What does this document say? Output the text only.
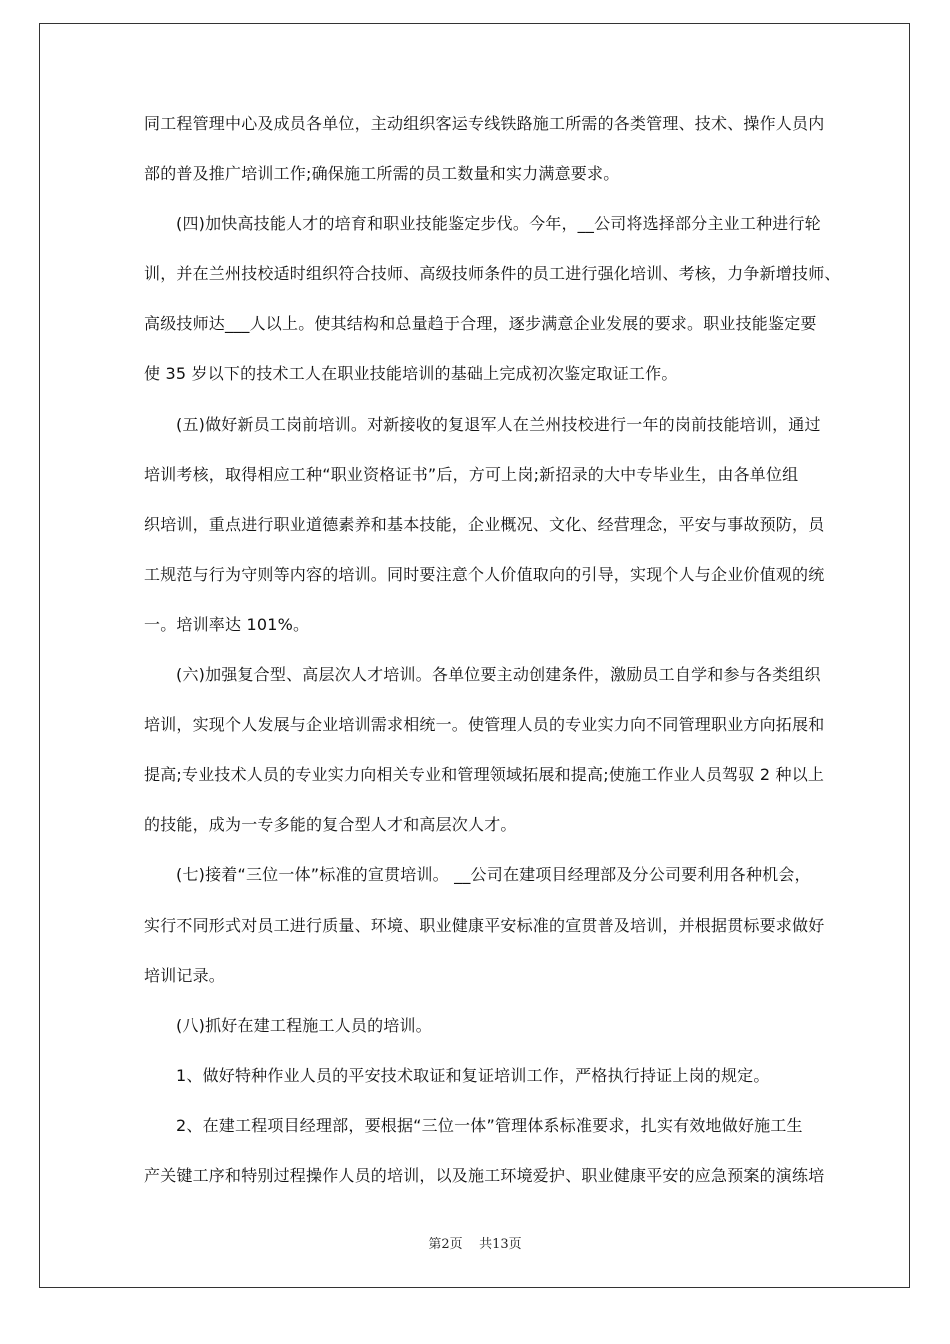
同工程管理中心及成员各单位，主动组织客运专线铁路施工所需的各类管理、技术、操作人员内
部的普及推广培训工作;确保施工所需的员工数量和实力满意要求。
(四)加快高技能人才的培育和职业技能鉴定步伐。今年，__公司将选择部分主业工种进行轮
训，并在兰州技校适时组织符合技师、高级技师条件的员工进行强化培训、考核，力争新增技师、
高级技师达___人以上。使其结构和总量趋于合理，逐步满意企业发展的要求。职业技能鉴定要
使 35 岁以下的技术工人在职业技能培训的基础上完成初次鉴定取证工作。
(五)做好新员工岗前培训。对新接收的复退军人在兰州技校进行一年的岗前技能培训，通过
培训考核，取得相应工种“职业资格证书”后，方可上岗;新招录的大中专毕业生，由各单位组
织培训，重点进行职业道德素养和基本技能，企业概况、文化、经营理念，平安与事故预防，员
工规范与行为守则等内容的培训。同时要注意个人价值取向的引导，实现个人与企业价值观的统
一。培训率达 101%。
(六)加强复合型、高层次人才培训。各单位要主动创建条件，激励员工自学和参与各类组织
培训，实现个人发展与企业培训需求相统一。使管理人员的专业实力向不同管理职业方向拓展和
提高;专业技术人员的专业实力向相关专业和管理领域拓展和提高;使施工作业人员驾驭 2 种以上
的技能，成为一专多能的复合型人才和高层次人才。
(七)接着“三位一体”标准的宣贯培训。 __公司在建项目经理部及分公司要利用各种机会，
实行不同形式对员工进行质量、环境、职业健康平安标准的宣贯普及培训，并根据贯标要求做好
培训记录。
(八)抓好在建工程施工人员的培训。
1、做好特种作业人员的平安技术取证和复证培训工作，严格执行持证上岗的规定。
2、在建工程项目经理部，要根据“三位一体”管理体系标准要求，扎实有效地做好施工生
产关键工序和特别过程操作人员的培训，以及施工环境爱护、职业健康平安的应急预案的演练培
第2页    共13页
